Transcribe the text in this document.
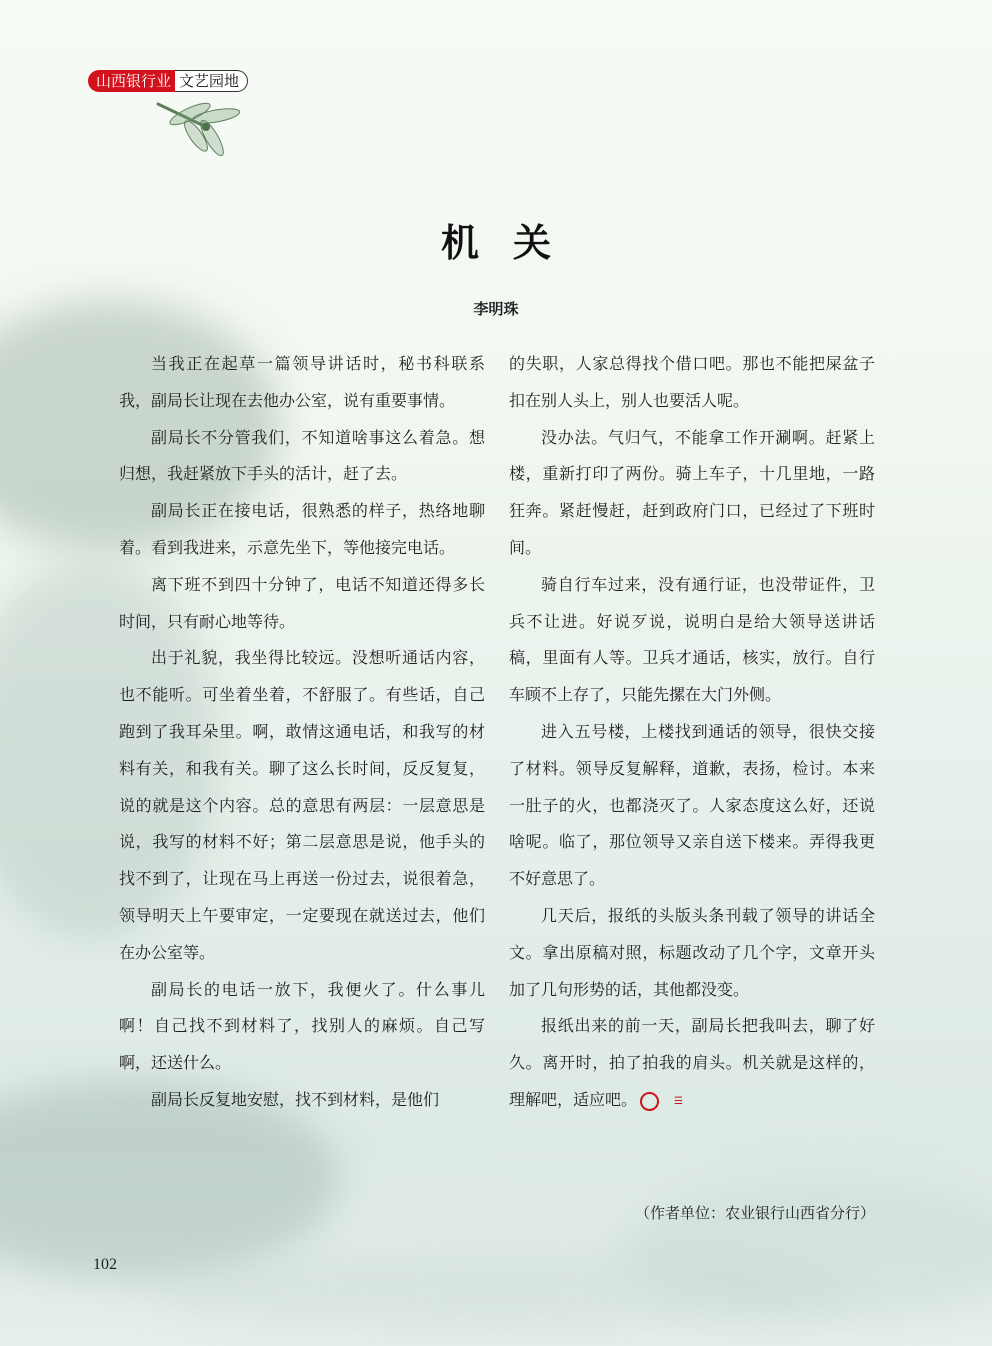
山西银行业 文艺园地
机关
李明珠

当我正在起草一篇领导讲话时，秘书科联系我，副局长让现在去他办公室，说有重要事情。

副局长不分管我们，不知道啥事这么着急。想归想，我赶紧放下手头的活计，赶了去。

副局长正在接电话，很熟悉的样子，热络地聊着。看到我进来，示意先坐下，等他接完电话。

离下班不到四十分钟了，电话不知道还得多长时间，只有耐心地等待。

出于礼貌，我坐得比较远。没想听通话内容，也不能听。可坐着坐着，不舒服了。有些话，自己跑到了我耳朵里。啊，敢情这通电话，和我写的材料有关，和我有关。聊了这么长时间，反反复复，说的就是这个内容。总的意思有两层：一层意思是说，我写的材料不好；第二层意思是说，他手头的找不到了，让现在马上再送一份过去，说很着急，领导明天上午要审定，一定要现在就送过去，他们在办公室等。

副局长的电话一放下，我便火了。什么事儿啊！自己找不到材料了，找别人的麻烦。自己写啊，还送什么。

副局长反复地安慰，找不到材料，是他们

的失职，人家总得找个借口吧。那也不能把屎盆子扣在别人头上，别人也要活人呢。

没办法。气归气，不能拿工作开涮啊。赶紧上楼，重新打印了两份。骑上车子，十几里地，一路狂奔。紧赶慢赶，赶到政府门口，已经过了下班时间。

骑自行车过来，没有通行证，也没带证件，卫兵不让进。好说歹说，说明白是给大领导送讲话稿，里面有人等。卫兵才通话，核实，放行。自行车顾不上存了，只能先摞在大门外侧。

进入五号楼，上楼找到通话的领导，很快交接了材料。领导反复解释，道歉，表扬，检讨。本来一肚子的火，也都浇灭了。人家态度这么好，还说啥呢。临了，那位领导又亲自送下楼来。弄得我更不好意思了。

几天后，报纸的头版头条刊载了领导的讲话全文。拿出原稿对照，标题改动了几个字，文章开头加了几句形势的话，其他都没变。

报纸出来的前一天，副局长把我叫去，聊了好久。离开时，拍了拍我的肩头。机关就是这样的，理解吧，适应吧。	☰

（作者单位：农业银行山西省分行）
102
